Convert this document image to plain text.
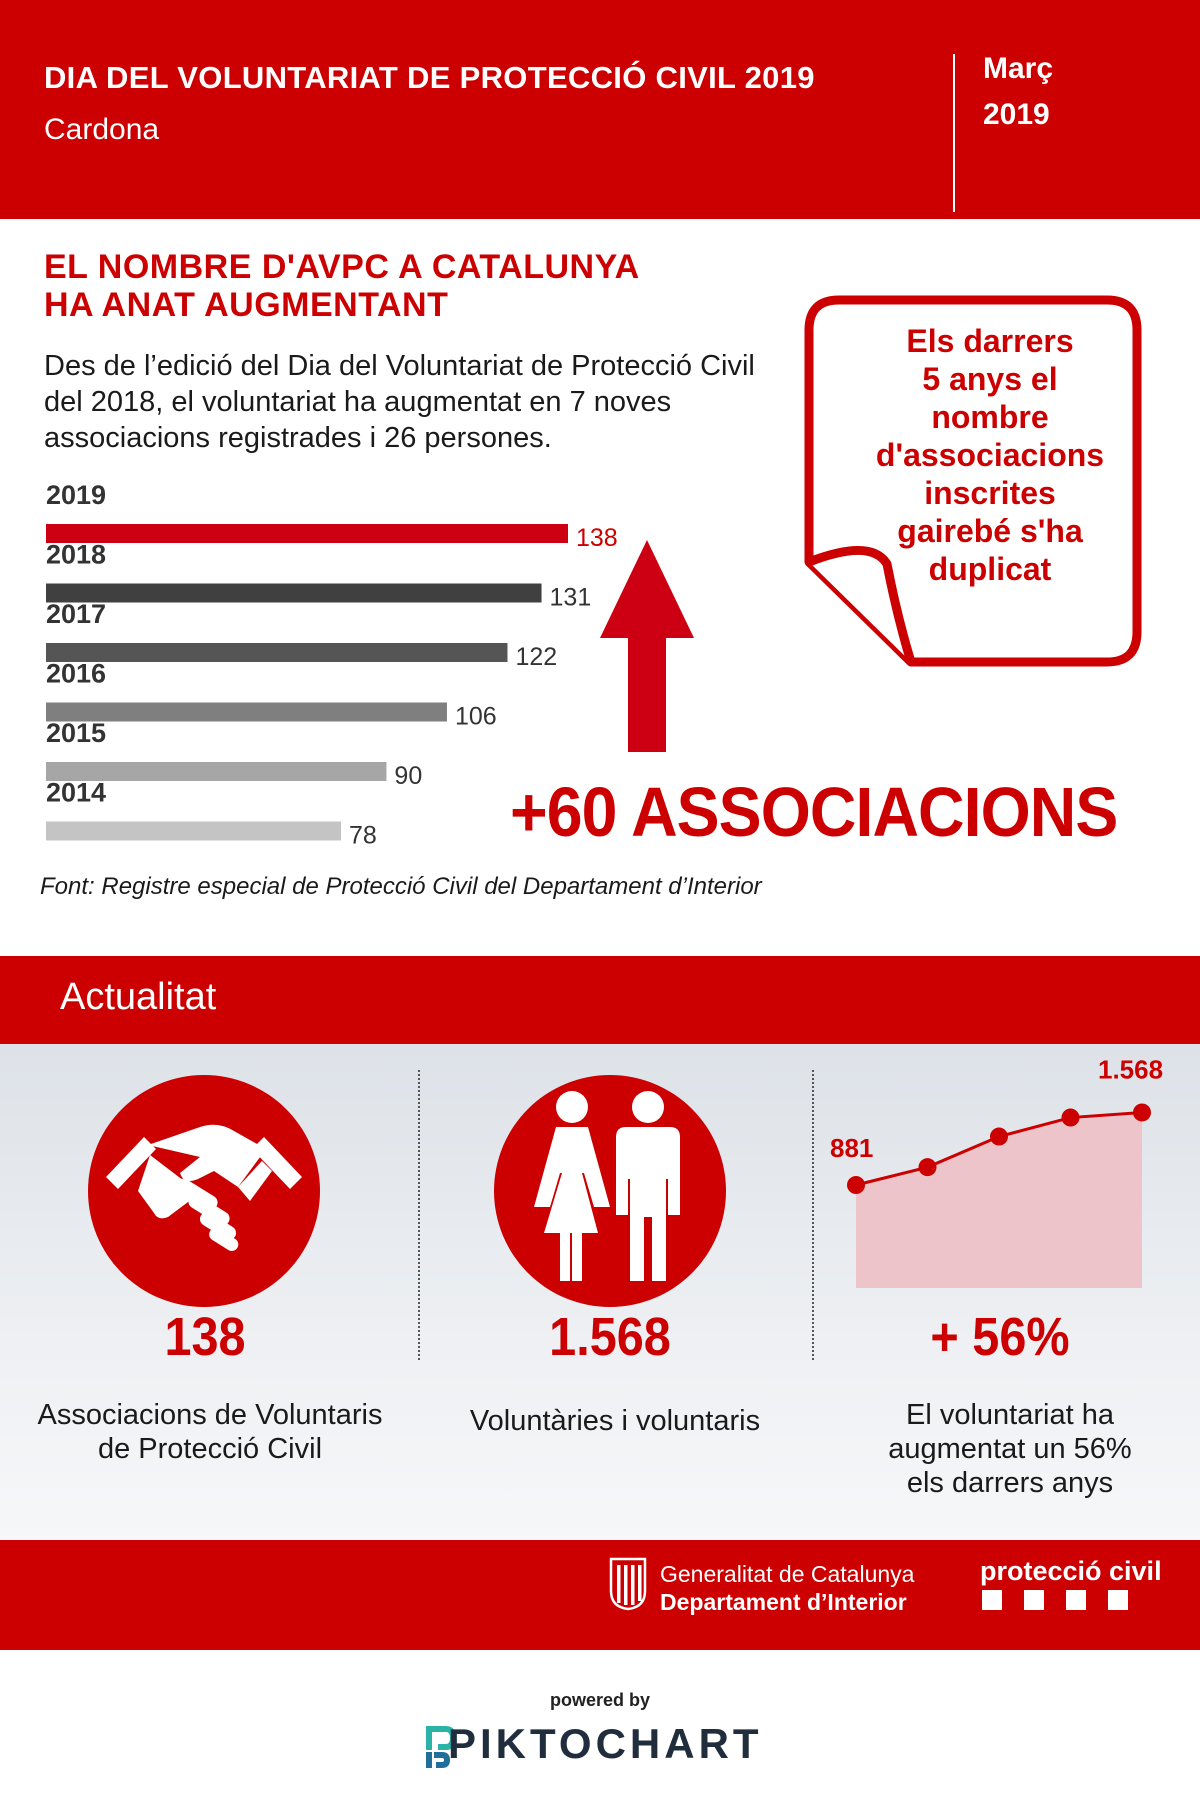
DIA DEL VOLUNTARIAT DE PROTECCIÓ CIVIL 2019
Cardona
Març
2019
EL NOMBRE D'AVPC A CATALUNYA
HA ANAT AUGMENTANT
Des de l’edició del Dia del Voluntariat de Protecció Civil del 2018, el voluntariat ha augmentat en 7 noves associacions registrades i 26 persones.
2019
138
2018
131
2017
122
2016
106
2015
90
2014
78 +60 ASSOCIACIONS
Els darrers
5 anys el
nombre
d'associacions
inscrites
gairebé s'ha
duplicat
Font: Registre especial de Protecció Civil del Departament d’Interior
Actualitat
138
Associacions de Voluntaris
de Protecció Civil
1.568
Voluntàries i voluntaris
881
1.568
+ 56%
El voluntariat ha
augmentat un 56%
els darrers anys
Generalitat de Catalunya
Departament d’Interior
protecció civil
powered by
PIKTOCHART
